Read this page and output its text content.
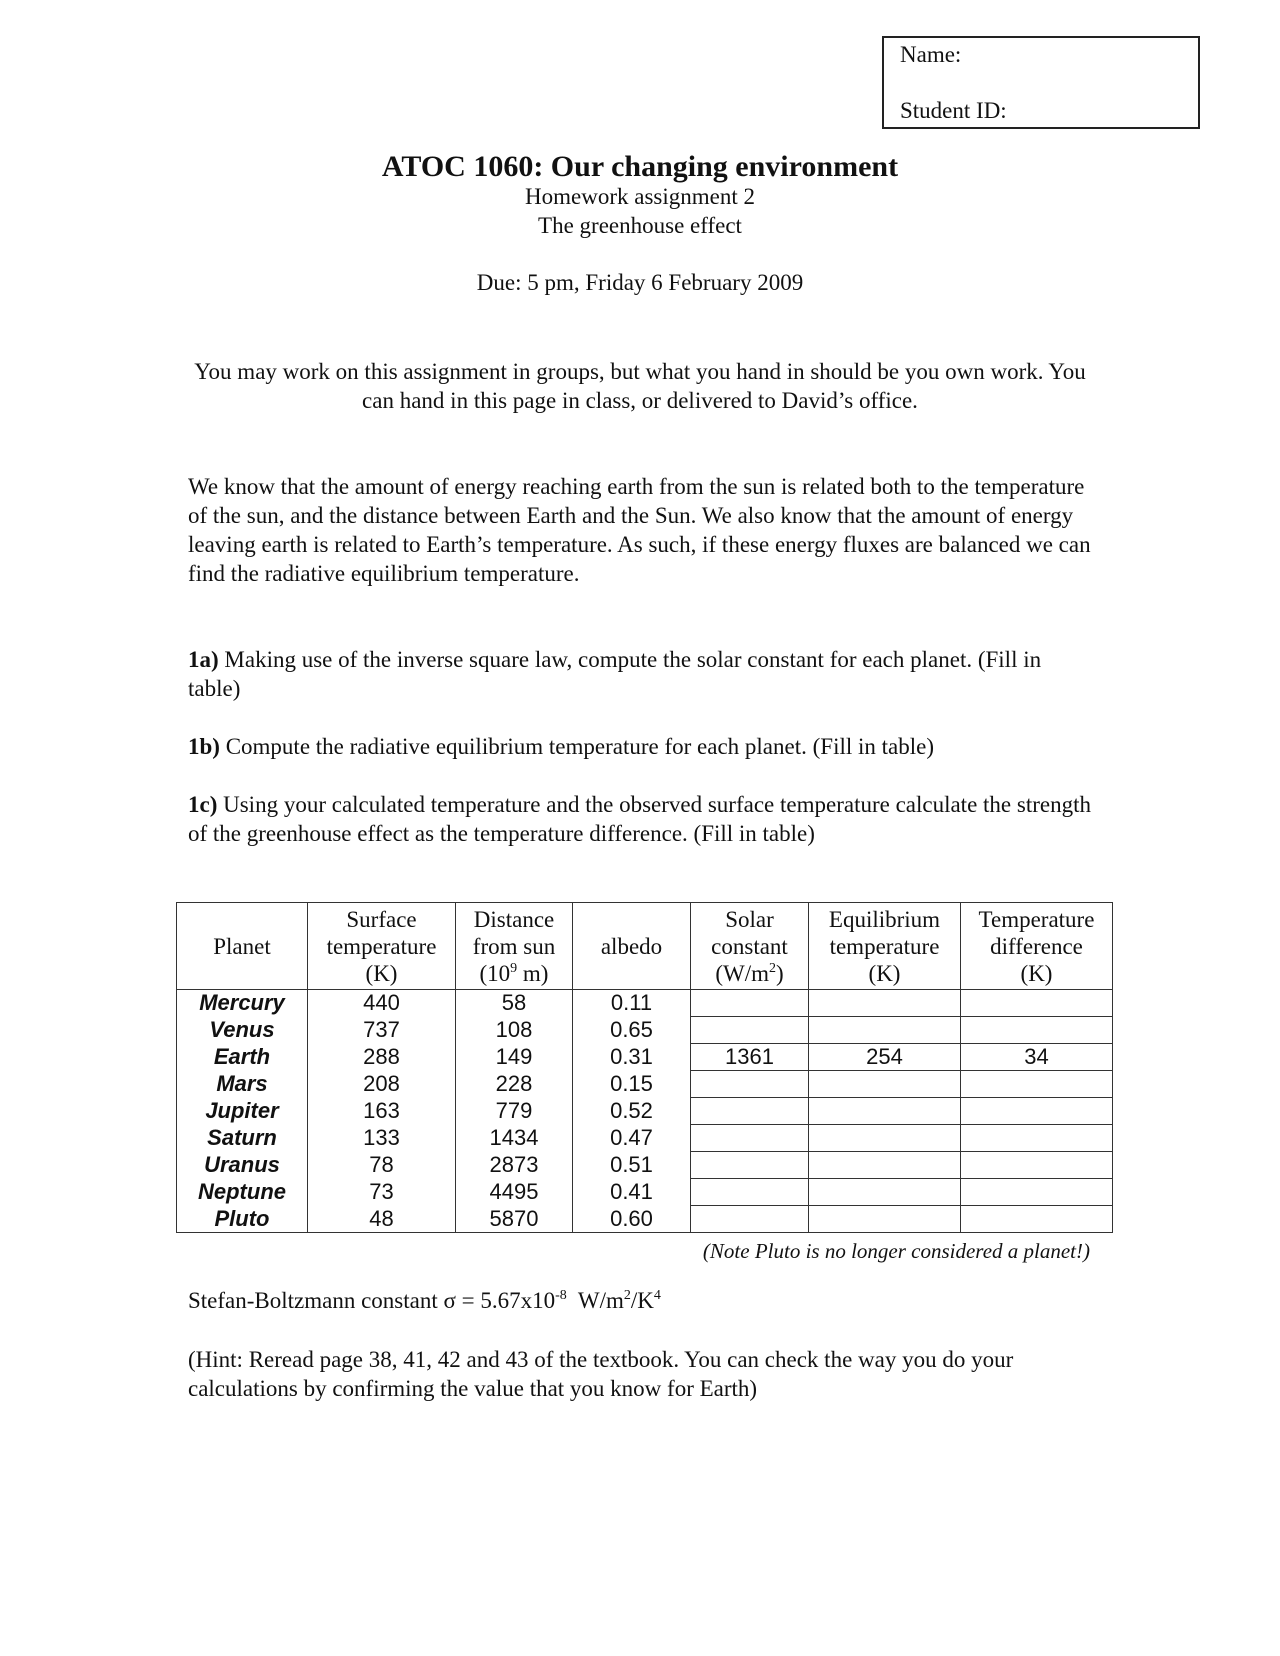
Name:
Student ID:
ATOC 1060: Our changing environment
Homework assignment 2
The greenhouse effect
Due: 5 pm, Friday 6 February 2009
You may work on this assignment in groups, but what you hand in should be you own work. You can hand in this page in class, or delivered to David’s office.
We know that the amount of energy reaching earth from the sun is related both to the temperature of the sun, and the distance between Earth and the Sun. We also know that the amount of energy leaving earth is related to Earth’s temperature. As such, if these energy fluxes are balanced we can find the radiative equilibrium temperature.
1a) Making use of the inverse square law, compute the solar constant for each planet. (Fill in table)
1b) Compute the radiative equilibrium temperature for each planet. (Fill in table)
1c) Using your calculated temperature and the observed surface temperature calculate the strength of the greenhouse effect as the temperature difference. (Fill in table)
Planet	Surface
temperature
(K)	Distance
from sun
($10^9$ m)	albedo	Solar
constant
$(W/m^2)$	Equilibrium
temperature
(K)	Temperature
difference
(K)
Mercury	440	58	0.11			
Venus	737	108	0.65			
Earth	288	149	0.31	1361	254	34
Mars	208	228	0.15			
Jupiter	163	779	0.52			
Saturn	133	1434	0.47			
Uranus	78	2873	0.51			
Neptune	73	4495	0.41			
Pluto	48	5870	0.60			
(Note Pluto is no longer considered a planet!)
Stefan-Boltzmann constant $\sigma = 5.67x10^{-8}$  $W/m^2/K^4$
(Hint: Reread page 38, 41, 42 and 43 of the textbook. You can check the way you do your calculations by confirming the value that you know for Earth)
